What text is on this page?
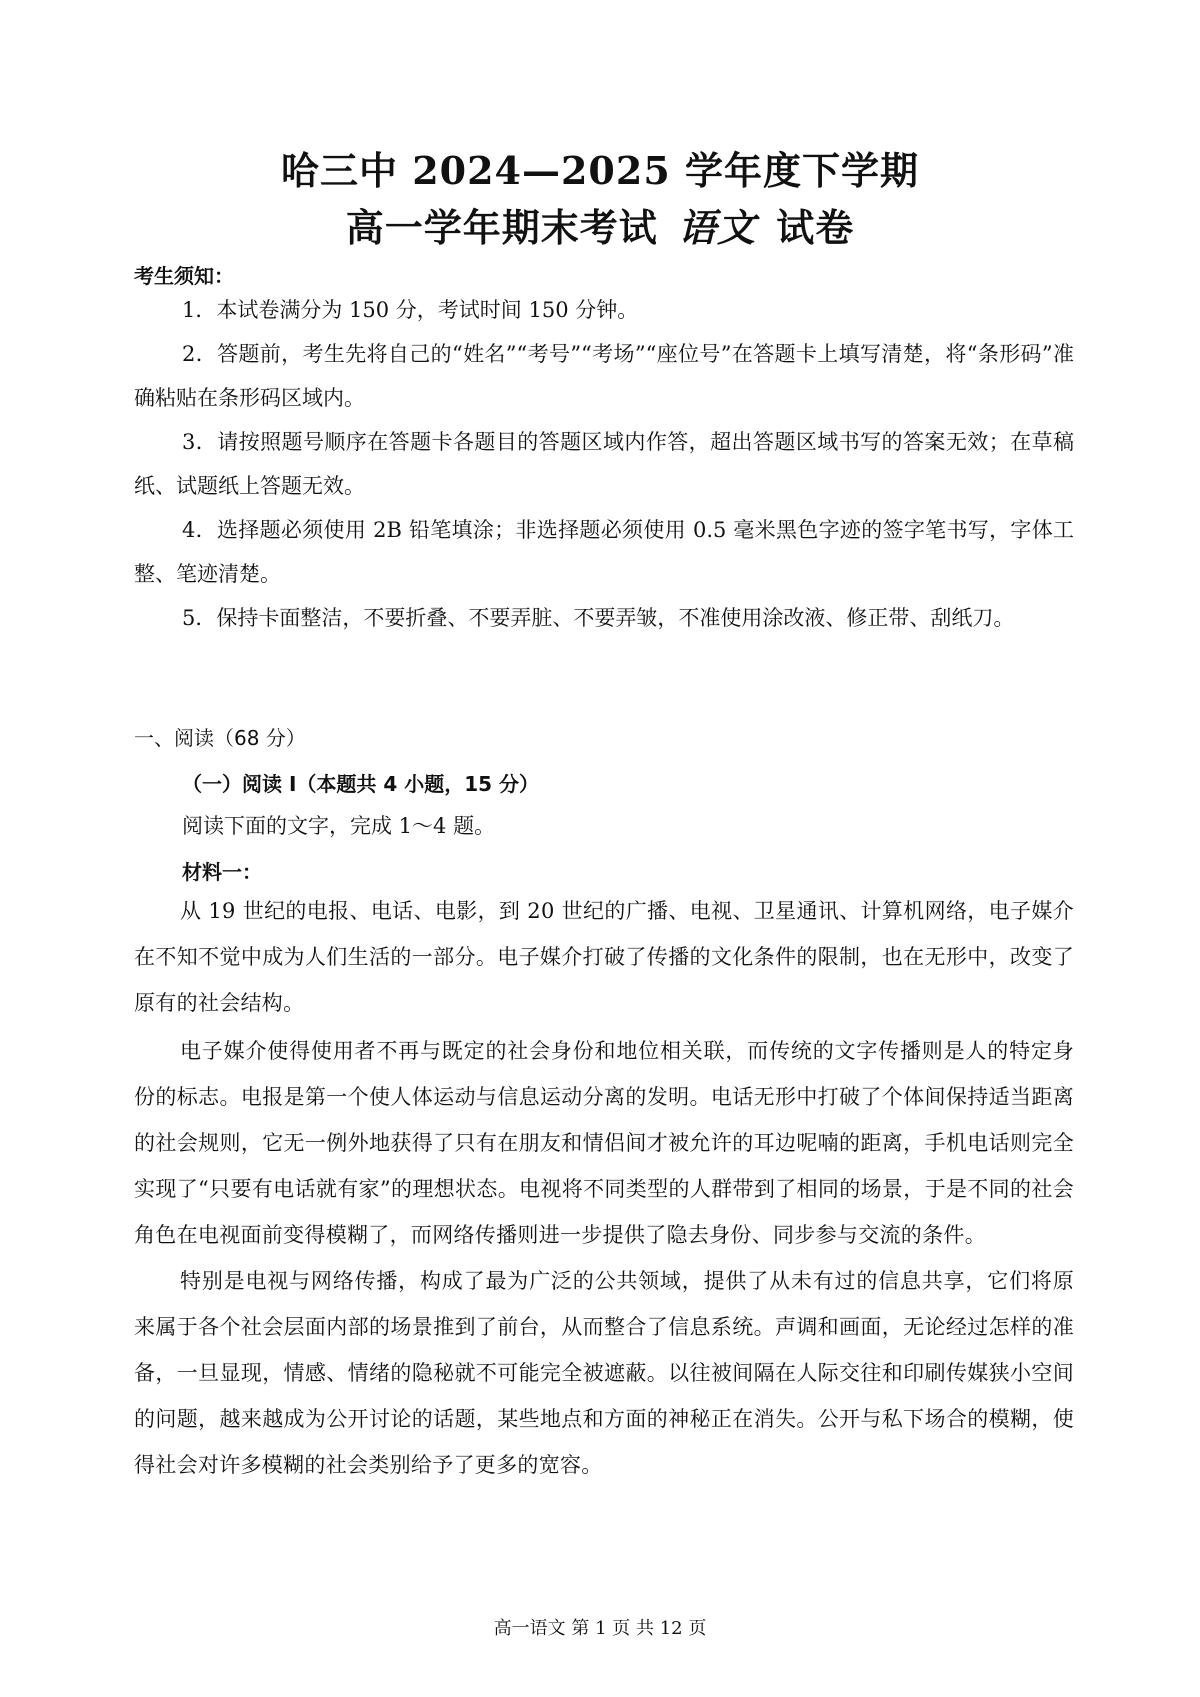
哈三中 2024—2025 学年度下学期
高一学年期末考试 语文 试卷
考生须知：
1．本试卷满分为 150 分，考试时间 150 分钟。
2．答题前，考生先将自己的“姓名”“考号”“考场”“座位号”在答题卡上填写清楚，将“条形码”准确粘贴在条形码区域内。
3．请按照题号顺序在答题卡各题目的答题区域内作答，超出答题区域书写的答案无效；在草稿纸、试题纸上答题无效。
4．选择题必须使用 2B 铅笔填涂；非选择题必须使用 0.5 毫米黑色字迹的签字笔书写，字体工整、笔迹清楚。
5．保持卡面整洁，不要折叠、不要弄脏、不要弄皱，不准使用涂改液、修正带、刮纸刀。
一、阅读（68 分）
（一）阅读 I（本题共 4 小题，15 分）
阅读下面的文字，完成 1～4 题。
材料一：
从 19 世纪的电报、电话、电影，到 20 世纪的广播、电视、卫星通讯、计算机网络，电子媒介在不知不觉中成为人们生活的一部分。电子媒介打破了传播的文化条件的限制，也在无形中，改变了原有的社会结构。
电子媒介使得使用者不再与既定的社会身份和地位相关联，而传统的文字传播则是人的特定身份的标志。电报是第一个使人体运动与信息运动分离的发明。电话无形中打破了个体间保持适当距离的社会规则，它无一例外地获得了只有在朋友和情侣间才被允许的耳边呢喃的距离，手机电话则完全实现了“只要有电话就有家”的理想状态。电视将不同类型的人群带到了相同的场景，于是不同的社会角色在电视面前变得模糊了，而网络传播则进一步提供了隐去身份、同步参与交流的条件。
特别是电视与网络传播，构成了最为广泛的公共领域，提供了从未有过的信息共享，它们将原来属于各个社会层面内部的场景推到了前台，从而整合了信息系统。声调和画面，无论经过怎样的准备，一旦显现，情感、情绪的隐秘就不可能完全被遮蔽。以往被间隔在人际交往和印刷传媒狭小空间的问题，越来越成为公开讨论的话题，某些地点和方面的神秘正在消失。公开与私下场合的模糊，使得社会对许多模糊的社会类别给予了更多的宽容。
高一语文 第 1 页 共 12 页
